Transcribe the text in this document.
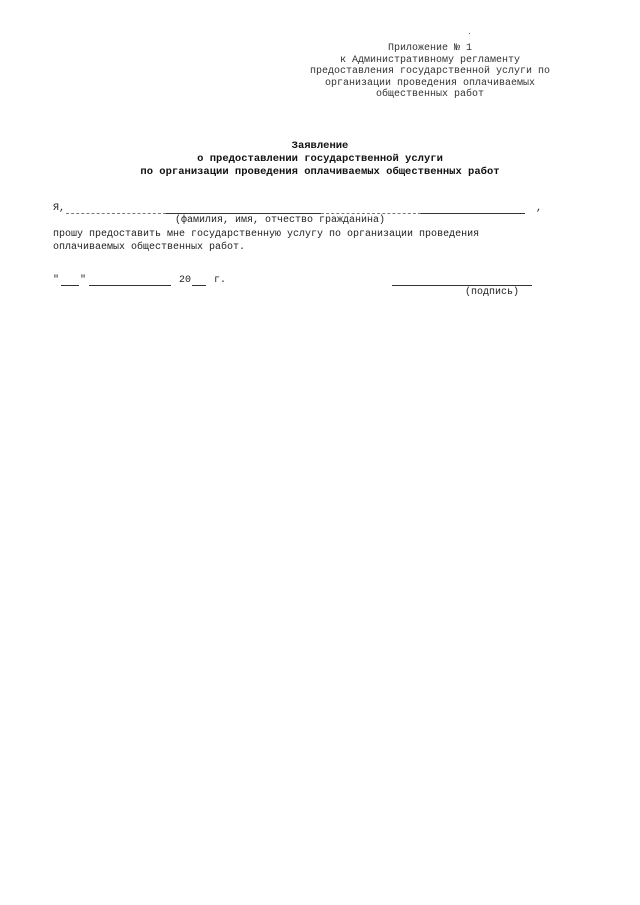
Приложение № 1
к Административному регламенту
предоставления государственной услуги по
организации проведения оплачиваемых
общественных работ
Заявление
о предоставлении государственной услуги
по организации проведения оплачиваемых общественных работ
Я,	,
(фамилия, имя, отчество гражданина)
прошу предоставить мне государственную услугу по организации проведения
оплачиваемых общественных работ.
" "	20 г.
(подпись)
